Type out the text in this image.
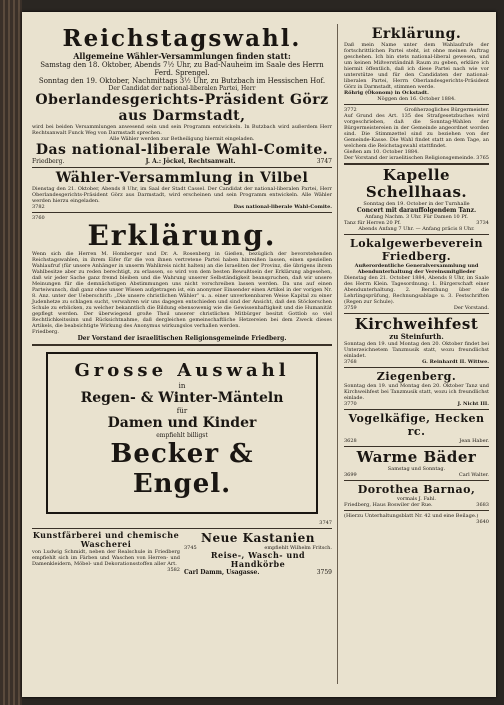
Reichstagswahl.
Allgemeine Wähler-Versammlungen finden statt:
Samstag den 18. Oktober, Abends 7½ Uhr, zu Bad-Nauheim im Saale des Herrn Ferd. Sprengel.
Sonntag den 19. Oktober, Nachmittags 3½ Uhr, zu Butzbach im Hessischen Hof.
Der Candidat der national-liberalen Partei, Herr
Oberlandesgerichts-Präsident Görz aus Darmstadt,
wird bei beiden Versammlungen anwesend sein und sein Programm entwickeln. In Butzbach wird außerdem Herr Rechtsanwalt Funck Weg von Darmstadt sprechen.
Alle Wähler werden zur Betheiligung hiermit eingeladen.
Das national-liberale Wahl-Comite.
Friedberg.	J. A.: Jöckel, Rechtsanwalt.	3747
Wähler-Versammlung in Vilbel
Dienstag den 21. Oktober, Abends 8 Uhr, im Saal der Stadt Cassel. Der Candidat der national-liberalen Partei, Herr Oberlandesgerichts-Präsident Görz aus Darmstadt, wird erscheinen und sein Programm entwickeln. Alle Wähler werden hierzu eingeladen.
3782	Das national-liberale Wahl-Comite.
3760
Erklärung.
Wenn sich die Herren M. Homberger und Dr. A. Rosenberg in Gießen, bezüglich der bevorstehenden Reichstagswahlen, in ihrem Eifer für die von ihnen vertretene Partei haben hinreißen lassen, einen speziellen Wahlaufruf (für unsere Anhänger in unserm Wahlkreis nicht halten) an die Israeliten der Provinz, die übrigens ihrem Wahlbesitze aber zu reden berechtigt, zu erlassen, so wird von dem besten Bewußtsein der Erklärung abgesehen, daß wir jeder Sache ganz fremd bleiben und die Wahrung unserer Selbständigkeit beanspruchen, daß wir unsere Meinungen für die demnächstigen Abstimmungen uns nicht vorschreiben lassen werden. Da uns auf einen Parteiwunsch, daß ganz ohne unser Wissen aufgetragen ist, ein anonymer Einsender einen Artikel in der vorigen Nr. 8. Anz. unter der Ueberschrift: „Die unsere christlichen Wähler“ u. a. einer unverkennbaren Weise Kapital zu einer Judenhetze zu schlagen sucht, verwahren wir uns dagegen entschieden und sind der Ansicht, daß den Stöckerschen Schule zu erblicken, zu welcher bekanntlich die Bildung ebensowenig wie die Gewissenhaftigkeit und die Humanität gepflegt werden. Der überwiegend große Theil unserer christlichen Mitbürger besitzt Gottlob so viel Rechtlichkeitssinn und Rücksichtnahme, daß dergleichen gemeinschaftliche Hetzereien bei dem Zweck dieses Artikels, die beabsichtigte Wirkung des Anonymus wirkungslos verhallen werden.
Friedberg.
Der Vorstand der israelitischen Religionsgemeinde Friedberg.
Grosse Auswahl
in
Regen- & Winter-Mänteln
für
Damen und Kinder
empfiehlt billigst
Becker & Engel.
3747
Kunstfärberei und chemische Wascherei
von Ludwig Schmidt, neben der Realschule in Friedberg empfiehlt sich im Färben und Waschen von Herren- und Damenkleidern, Möbel- und Dekorationsstoffen aller Art.
3582
Neue Kastanien
3745	empfiehlt Wilhelm Fritsch.
Reise-, Wasch- und Handkörbe
Carl Damm, Usagasse.	3759
Erklärung.
Daß mein Name unter dem Wahlaufrufe der fortschrittlichen Partei steht, ist ohne meinen Auftrag geschehen. Ich bin stets national-liberal gewesen, und um keinen Mißverständniß Raum zu geben, erkläre ich hiermit öffentlich, daß ich diese Partei nach wie vor unterstütze und für den Candidaten der national-liberalen Partei, Herrn Oberlandesgerichts-Präsident Görz in Darmstadt, stimmen werde.
Röhrig (Ökonom) in Ockstadt.
Nöggen den 16. October 1884.
3772	Großherzogliches Bürgermeister.
Auf Grund des Art. 135 des Strafgesetzbuches wird vorgeschrieben, daß die Sonntag-Wahlen der Bürgermeistereien in der Gemeinde angeordnet worden sind. Die Stimmzettel sind zu beziehen von der Gemeinde-Kasse. Die Wahl findet statt an dem Tage, an welchem die Reichstagswahl stattfindet.
Gießen am 10. October 1884.
Der Vorstand der israelitischen Religionsgemeinde. 3765
Kapelle Schellhaas.
Sonntag den 19. October in der Turnhalle
Concert mit darauffolgendem Tanz.
Anfang Nachm. 3 Uhr. Für Damen 10 Pf.
Tanz für Herren 20 Pf.	3734
Abends Anfang 7 Uhr. — Anfang präcis 8 Uhr.
Lokalgewerbeverein Friedberg.
Außerordentliche Generalversammlung und Abendunterhaltung der Vereinsmitglieder
Dienstag den 21. October 1884, Abends 8 Uhr, im Saale des Herrn Klein. Tagesordnung: 1. Bürgerschaft einer Abendunterhaltung. 2. Berathung über die Lehrlingsprüfung, Rechnungsablage u. 3. Festschriften (Regen zur Schule).
3759	Der Vorstand.
Kirchweihfest
zu Steinfurth.
Sonntag den 19. und Montag den 20. Oktober findet bei Unterzeichnetem Tanzmusik statt, wozu freundlichst einladet.
3768	G. Reinhardt II. Wittwe.
Ziegenberg.
Sonntag den 19. und Montag den 20. Oktober Tanz und Kirchweihfest bei Tanzmusik statt, wozu ich freundlichst einlade.
3770	J. Nicht III.
Vogelkäfige, Hecken rc.
3628	Jean Haber.
Warme Bäder
Samstag und Sonntag.
3699	Carl Walter.
Dorothea Barnao,
vormals J. Fahl.
Friedberg, Haus Boswiler der Rue.	3683
(Hierzu Unterhaltungsblatt Nr. 42 und eine Beilage.)
3640
